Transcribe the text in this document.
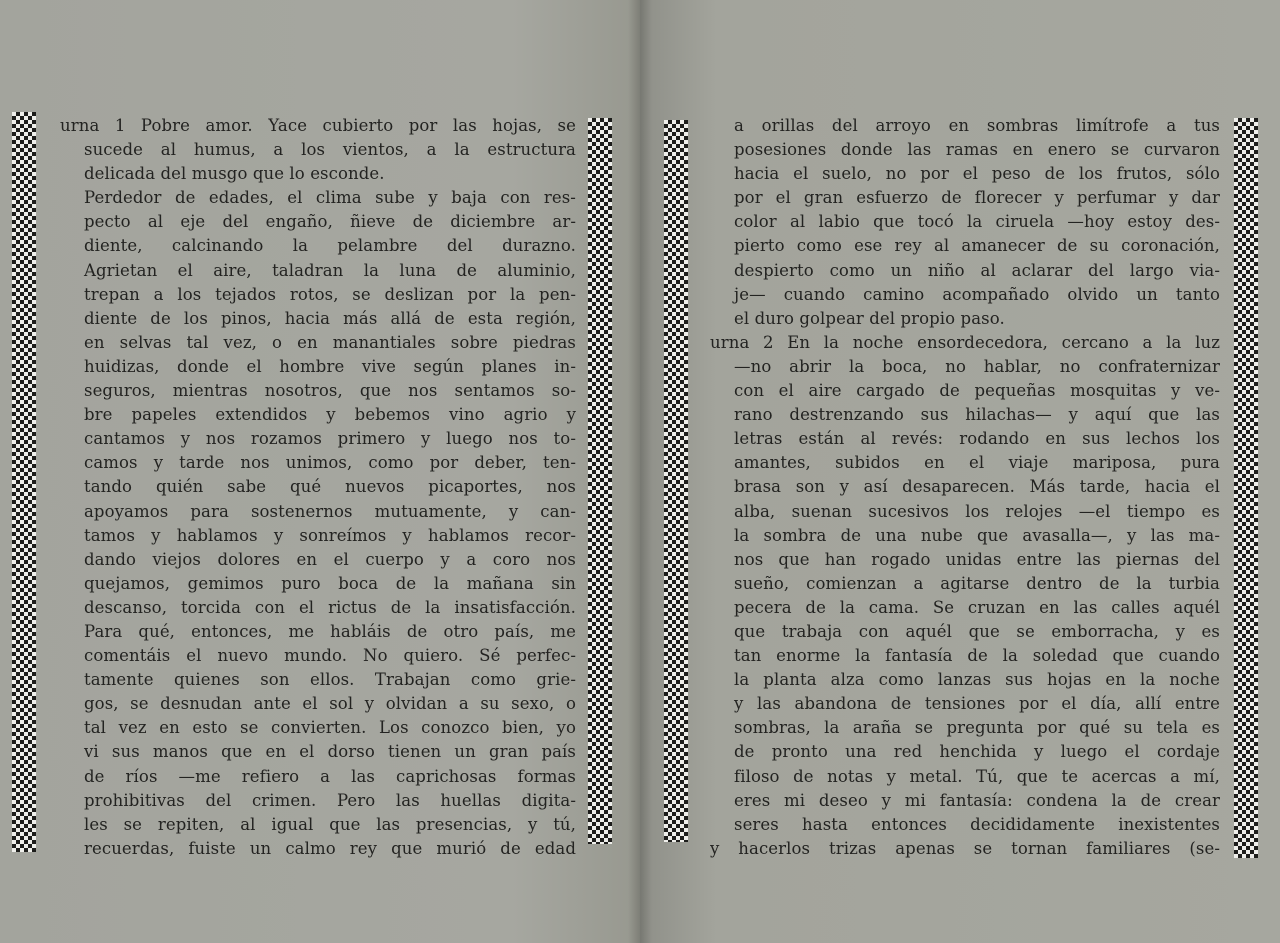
urna 1 Pobre amor. Yace cubierto por las hojas, se
sucede al humus, a los vientos, a la estructura
delicada del musgo que lo esconde.
Perdedor de edades, el clima sube y baja con res-
pecto al eje del engaño, ñieve de diciembre ar-
diente, calcinando la pelambre del durazno.
Agrietan el aire, taladran la luna de aluminio,
trepan a los tejados rotos, se deslizan por la pen-
diente de los pinos, hacia más allá de esta región,
en selvas tal vez, o en manantiales sobre piedras
huidizas, donde el hombre vive según planes in-
seguros, mientras nosotros, que nos sentamos so-
bre papeles extendidos y bebemos vino agrio y
cantamos y nos rozamos primero y luego nos to-
camos y tarde nos unimos, como por deber, ten-
tando quién sabe qué nuevos picaportes, nos
apoyamos para sostenernos mutuamente, y can-
tamos y hablamos y sonreímos y hablamos recor-
dando viejos dolores en el cuerpo y a coro nos
quejamos, gemimos puro boca de la mañana sin
descanso, torcida con el rictus de la insatisfacción.
Para qué, entonces, me habláis de otro país, me
comentáis el nuevo mundo. No quiero. Sé perfec-
tamente quienes son ellos. Trabajan como grie-
gos, se desnudan ante el sol y olvidan a su sexo, o
tal vez en esto se convierten. Los conozco bien, yo
vi sus manos que en el dorso tienen un gran país
de ríos —me refiero a las caprichosas formas
prohibitivas del crimen. Pero las huellas digita-
les se repiten, al igual que las presencias, y tú,
recuerdas, fuiste un calmo rey que murió de edad
a orillas del arroyo en sombras limítrofe a tus
posesiones donde las ramas en enero se curvaron
hacia el suelo, no por el peso de los frutos, sólo
por el gran esfuerzo de florecer y perfumar y dar
color al labio que tocó la ciruela —hoy estoy des-
pierto como ese rey al amanecer de su coronación,
despierto como un niño al aclarar del largo via-
je— cuando camino acompañado olvido un tanto
el duro golpear del propio paso.
urna 2 En la noche ensordecedora, cercano a la luz
—no abrir la boca, no hablar, no confraternizar
con el aire cargado de pequeñas mosquitas y ve-
rano destrenzando sus hilachas— y aquí que las
letras están al revés: rodando en sus lechos los
amantes, subidos en el viaje mariposa, pura
brasa son y así desaparecen. Más tarde, hacia el
alba, suenan sucesivos los relojes —el tiempo es
la sombra de una nube que avasalla—, y las ma-
nos que han rogado unidas entre las piernas del
sueño, comienzan a agitarse dentro de la turbia
pecera de la cama. Se cruzan en las calles aquél
que trabaja con aquél que se emborracha, y es
tan enorme la fantasía de la soledad que cuando
la planta alza como lanzas sus hojas en la noche
y las abandona de tensiones por el día, allí entre
sombras, la araña se pregunta por qué su tela es
de pronto una red henchida y luego el cordaje
filoso de notas y metal. Tú, que te acercas a mí,
eres mi deseo y mi fantasía: condena la de crear
seres hasta entonces decididamente inexistentes
y hacerlos trizas apenas se tornan familiares (se-
